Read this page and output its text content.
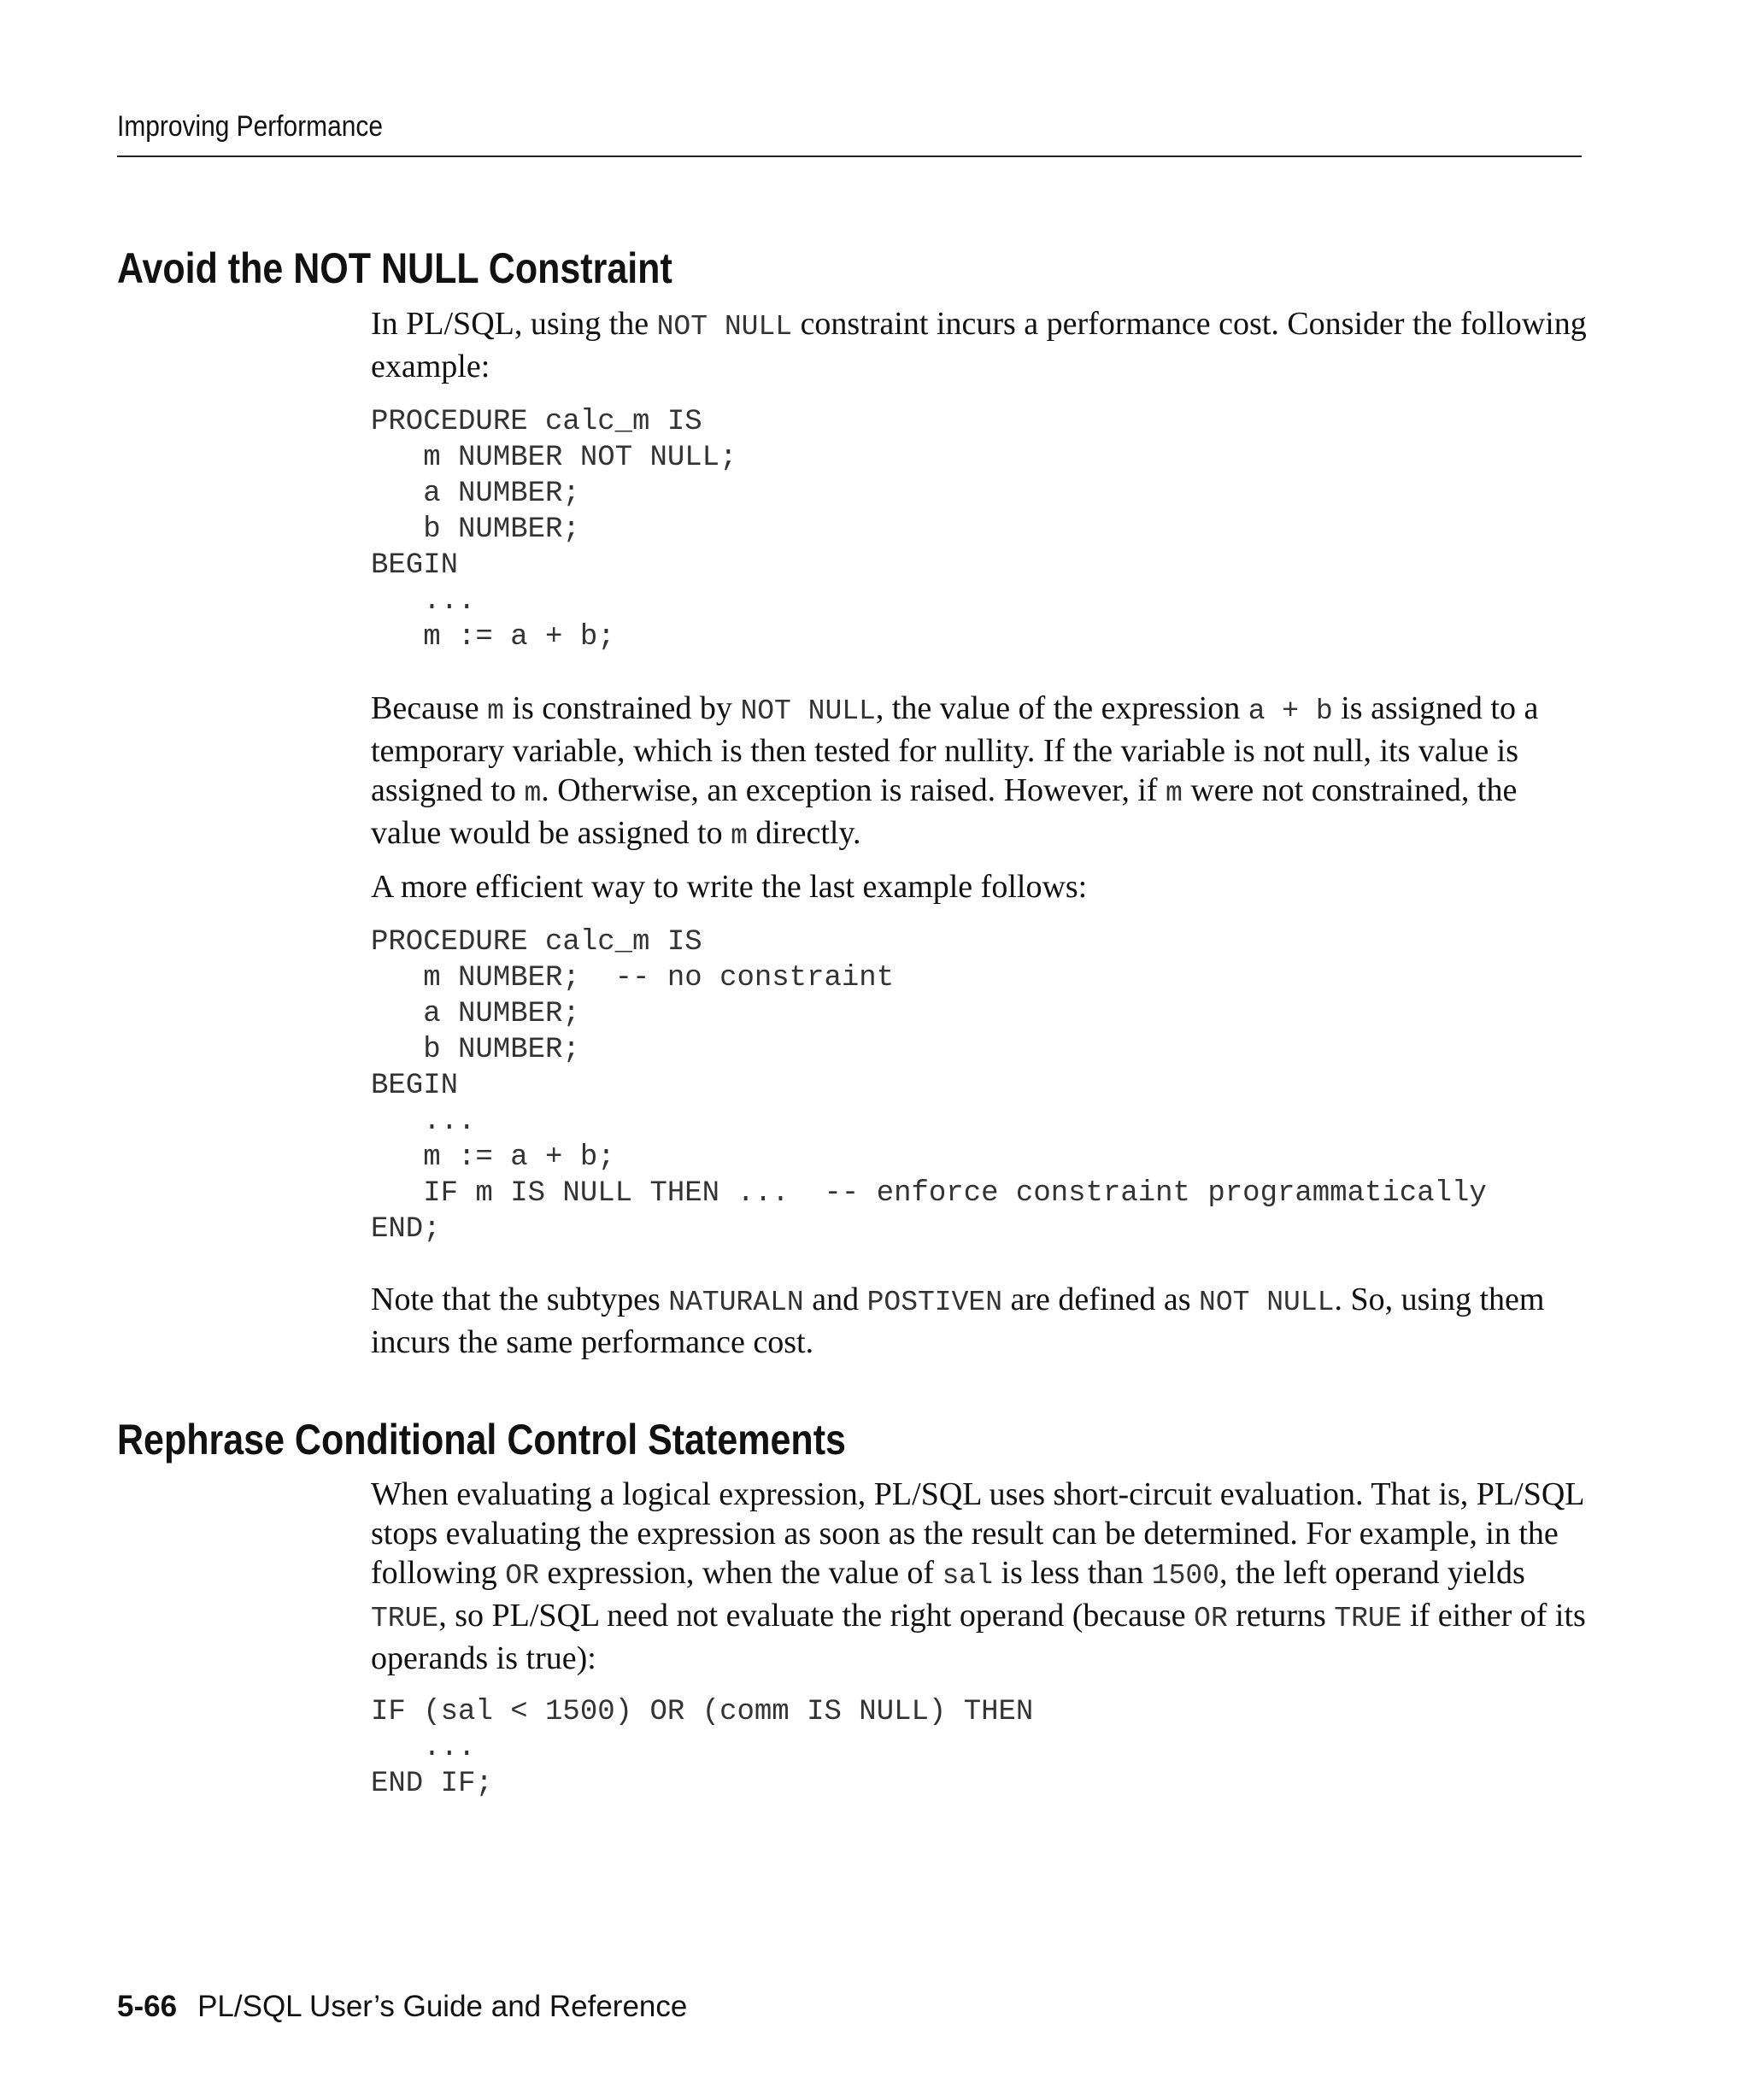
Improving Performance
Avoid the NOT NULL Constraint

In PL/SQL, using the NOT NULL constraint incurs a performance cost. Consider the following example:

PROCEDURE calc_m IS
m NUMBER NOT NULL;
a NUMBER;
b NUMBER;
BEGIN
...
m := a + b;

Because m is constrained by NOT NULL, the value of the expression a + b is assigned to a temporary variable, which is then tested for nullity. If the variable is not null, its value is assigned to m. Otherwise, an exception is raised. However, if m were not constrained, the value would be assigned to m directly.

A more efficient way to write the last example follows:

PROCEDURE calc_m IS
m NUMBER;  -- no constraint
a NUMBER;
b NUMBER;
BEGIN
...
m := a + b;
IF m IS NULL THEN ...  -- enforce constraint programmatically
END;

Note that the subtypes NATURALN and POSTIVEN are defined as NOT NULL. So, using them incurs the same performance cost.

Rephrase Conditional Control Statements

When evaluating a logical expression, PL/SQL uses short-circuit evaluation. That is, PL/SQL stops evaluating the expression as soon as the result can be determined. For example, in the following OR expression, when the value of sal is less than 1500, the left operand yields TRUE, so PL/SQL need not evaluate the right operand (because OR returns TRUE if either of its operands is true):

IF (sal < 1500) OR (comm IS NULL) THEN
...
END IF;
5-66 PL/SQL User’s Guide and Reference
